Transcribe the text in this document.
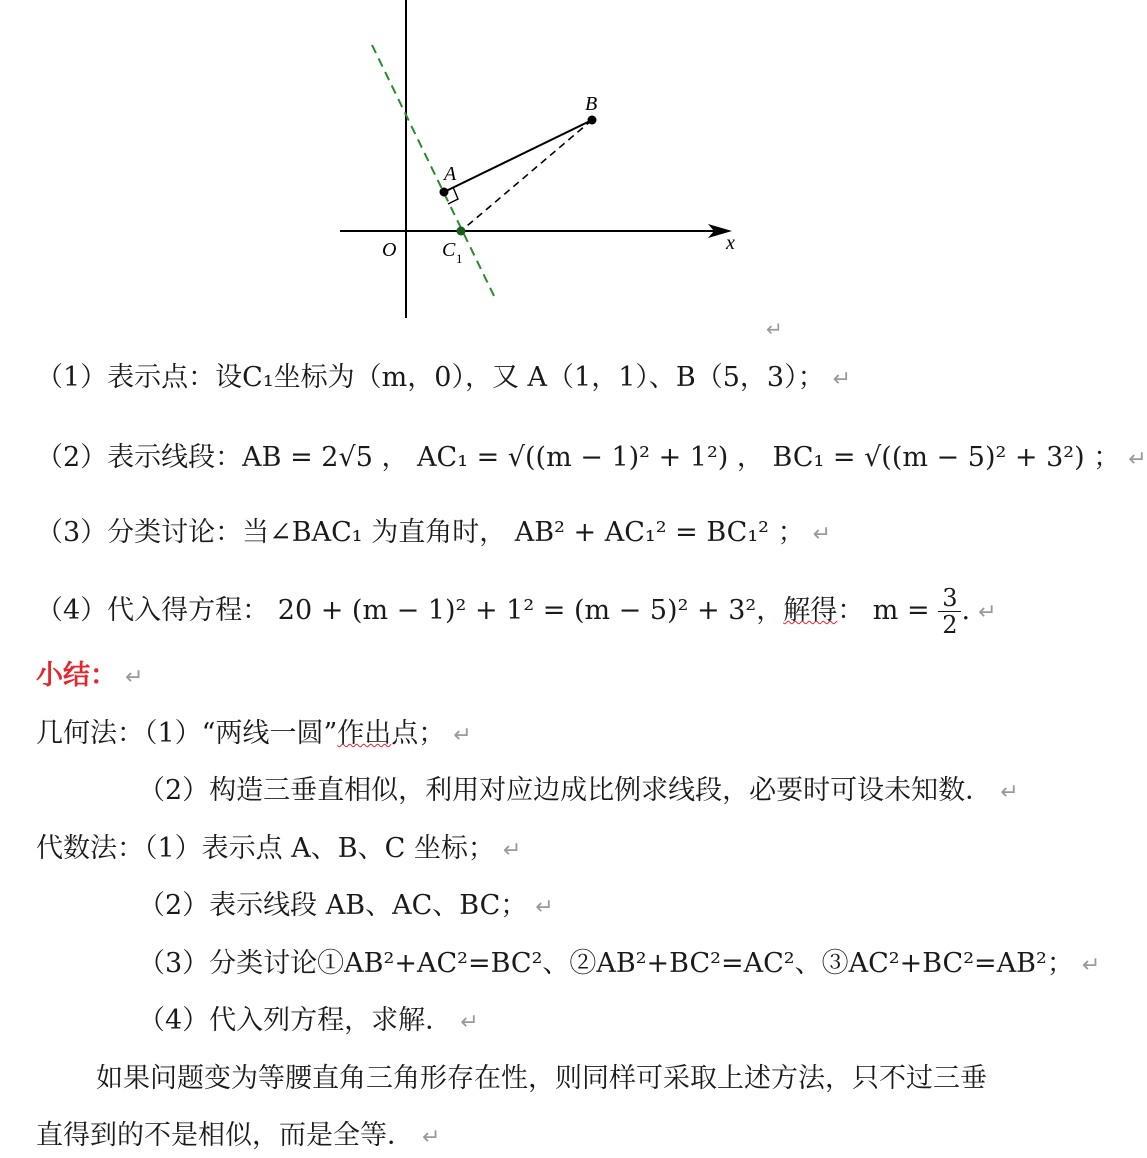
B
A
O C 1
x
↵
（1）表示点：设C₁坐标为（m，0），又 A（1，1）、B（5，3）； ↵
（2）表示线段：AB = 2√5 ， AC₁ = √((m − 1)² + 1²) ， BC₁ = √((m − 5)² + 3²) ； ↵
（3）分类讨论：当∠BAC₁ 为直角时， AB² + AC₁² = BC₁² ； ↵
（4）代入得方程： 20 + (m − 1)² + 1² = (m − 5)² + 3²，解得： $m = \frac{3}{2}$ . ↵
小结： ↵
几何法：（1）“两线一圆”作出点； ↵
（2）构造三垂直相似，利用对应边成比例求线段，必要时可设未知数． ↵
代数法：（1）表示点 A、B、C 坐标； ↵
（2）表示线段 AB、AC、BC； ↵
（3）分类讨论①AB²+AC²=BC²、②AB²+BC²=AC²、③AC²+BC²=AB²； ↵
（4）代入列方程，求解． ↵
如果问题变为等腰直角三角形存在性，则同样可采取上述方法，只不过三垂
直得到的不是相似，而是全等． ↵
